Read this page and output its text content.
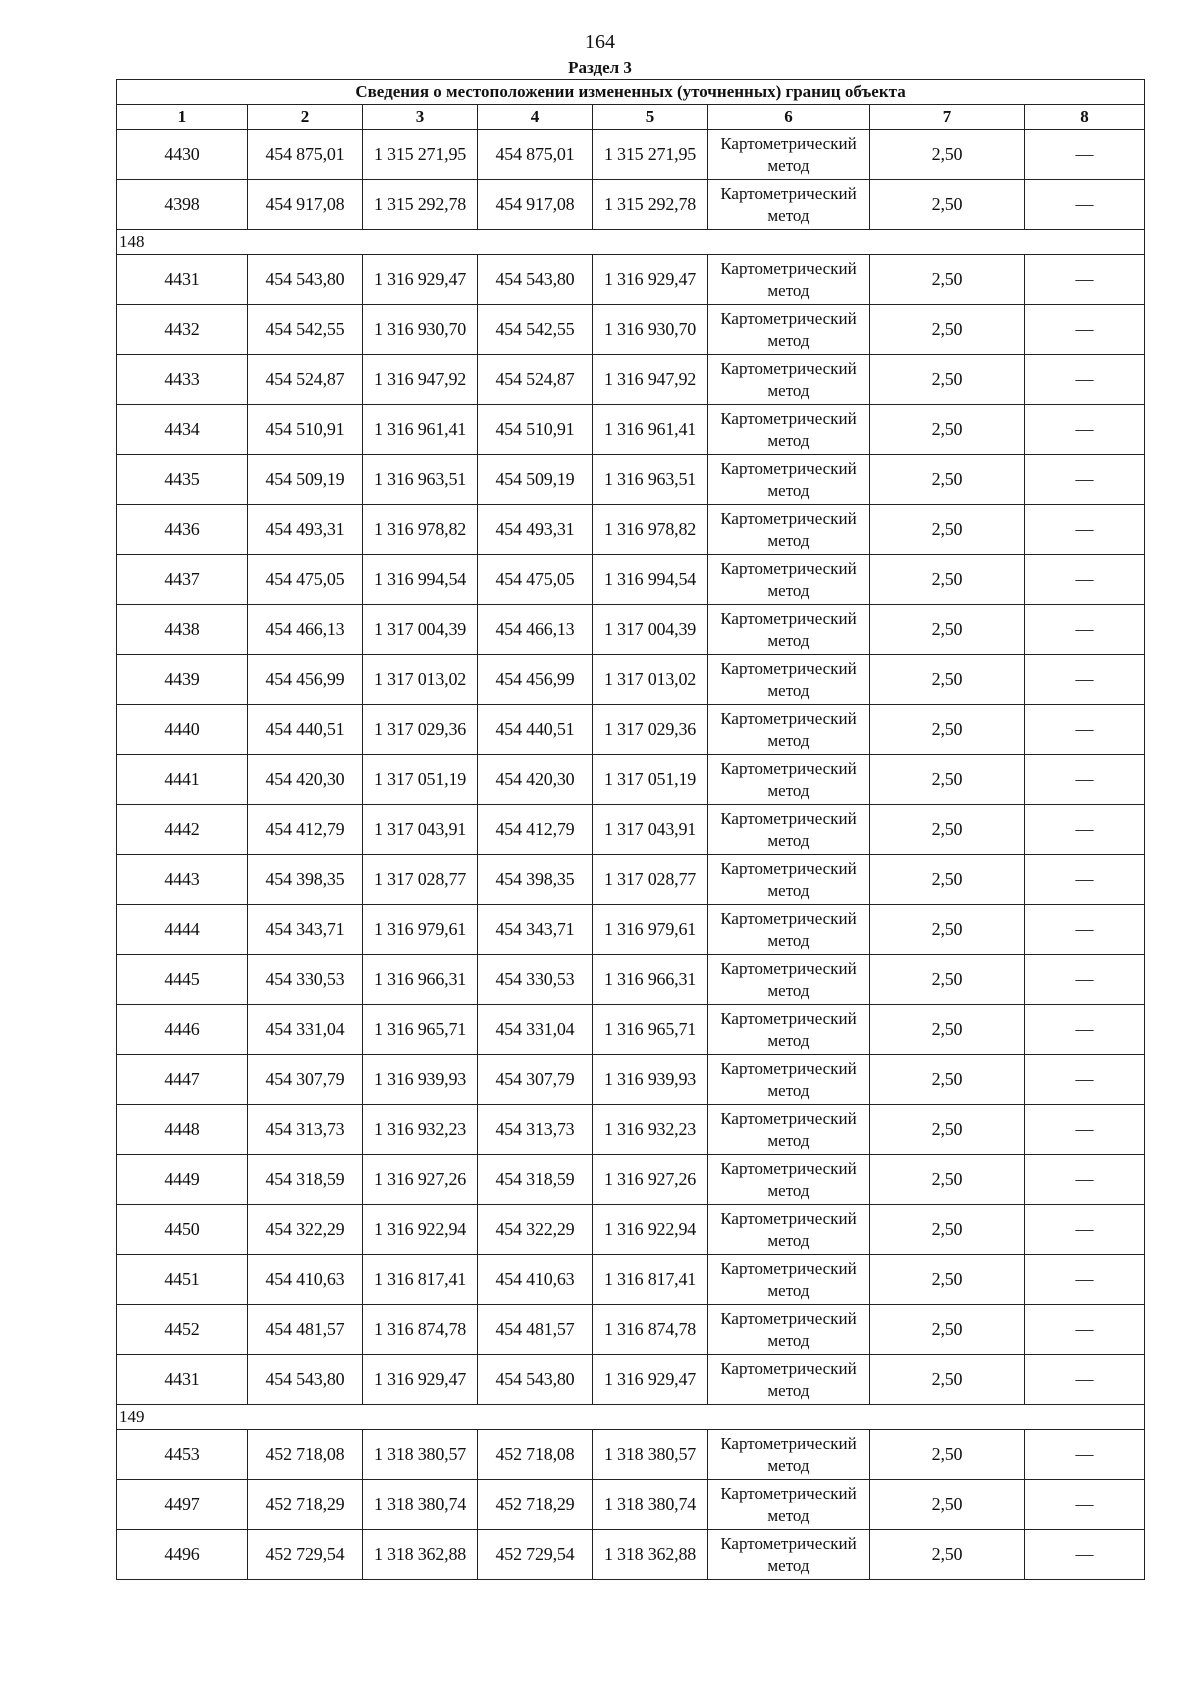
164
Раздел 3
Сведения о местоположении измененных (уточненных) границ объекта							
1	2	3	4	5	6	7	8
4430	454 875,01	1 315 271,95	454 875,01	1 315 271,95	Картометрический метод	2,50	—
4398	454 917,08	1 315 292,78	454 917,08	1 315 292,78	Картометрический метод	2,50	—
148							
4431	454 543,80	1 316 929,47	454 543,80	1 316 929,47	Картометрический метод	2,50	—
4432	454 542,55	1 316 930,70	454 542,55	1 316 930,70	Картометрический метод	2,50	—
4433	454 524,87	1 316 947,92	454 524,87	1 316 947,92	Картометрический метод	2,50	—
4434	454 510,91	1 316 961,41	454 510,91	1 316 961,41	Картометрический метод	2,50	—
4435	454 509,19	1 316 963,51	454 509,19	1 316 963,51	Картометрический метод	2,50	—
4436	454 493,31	1 316 978,82	454 493,31	1 316 978,82	Картометрический метод	2,50	—
4437	454 475,05	1 316 994,54	454 475,05	1 316 994,54	Картометрический метод	2,50	—
4438	454 466,13	1 317 004,39	454 466,13	1 317 004,39	Картометрический метод	2,50	—
4439	454 456,99	1 317 013,02	454 456,99	1 317 013,02	Картометрический метод	2,50	—
4440	454 440,51	1 317 029,36	454 440,51	1 317 029,36	Картометрический метод	2,50	—
4441	454 420,30	1 317 051,19	454 420,30	1 317 051,19	Картометрический метод	2,50	—
4442	454 412,79	1 317 043,91	454 412,79	1 317 043,91	Картометрический метод	2,50	—
4443	454 398,35	1 317 028,77	454 398,35	1 317 028,77	Картометрический метод	2,50	—
4444	454 343,71	1 316 979,61	454 343,71	1 316 979,61	Картометрический метод	2,50	—
4445	454 330,53	1 316 966,31	454 330,53	1 316 966,31	Картометрический метод	2,50	—
4446	454 331,04	1 316 965,71	454 331,04	1 316 965,71	Картометрический метод	2,50	—
4447	454 307,79	1 316 939,93	454 307,79	1 316 939,93	Картометрический метод	2,50	—
4448	454 313,73	1 316 932,23	454 313,73	1 316 932,23	Картометрический метод	2,50	—
4449	454 318,59	1 316 927,26	454 318,59	1 316 927,26	Картометрический метод	2,50	—
4450	454 322,29	1 316 922,94	454 322,29	1 316 922,94	Картометрический метод	2,50	—
4451	454 410,63	1 316 817,41	454 410,63	1 316 817,41	Картометрический метод	2,50	—
4452	454 481,57	1 316 874,78	454 481,57	1 316 874,78	Картометрический метод	2,50	—
4431	454 543,80	1 316 929,47	454 543,80	1 316 929,47	Картометрический метод	2,50	—
149							
4453	452 718,08	1 318 380,57	452 718,08	1 318 380,57	Картометрический метод	2,50	—
4497	452 718,29	1 318 380,74	452 718,29	1 318 380,74	Картометрический метод	2,50	—
4496	452 729,54	1 318 362,88	452 729,54	1 318 362,88	Картометрический метод	2,50	—
